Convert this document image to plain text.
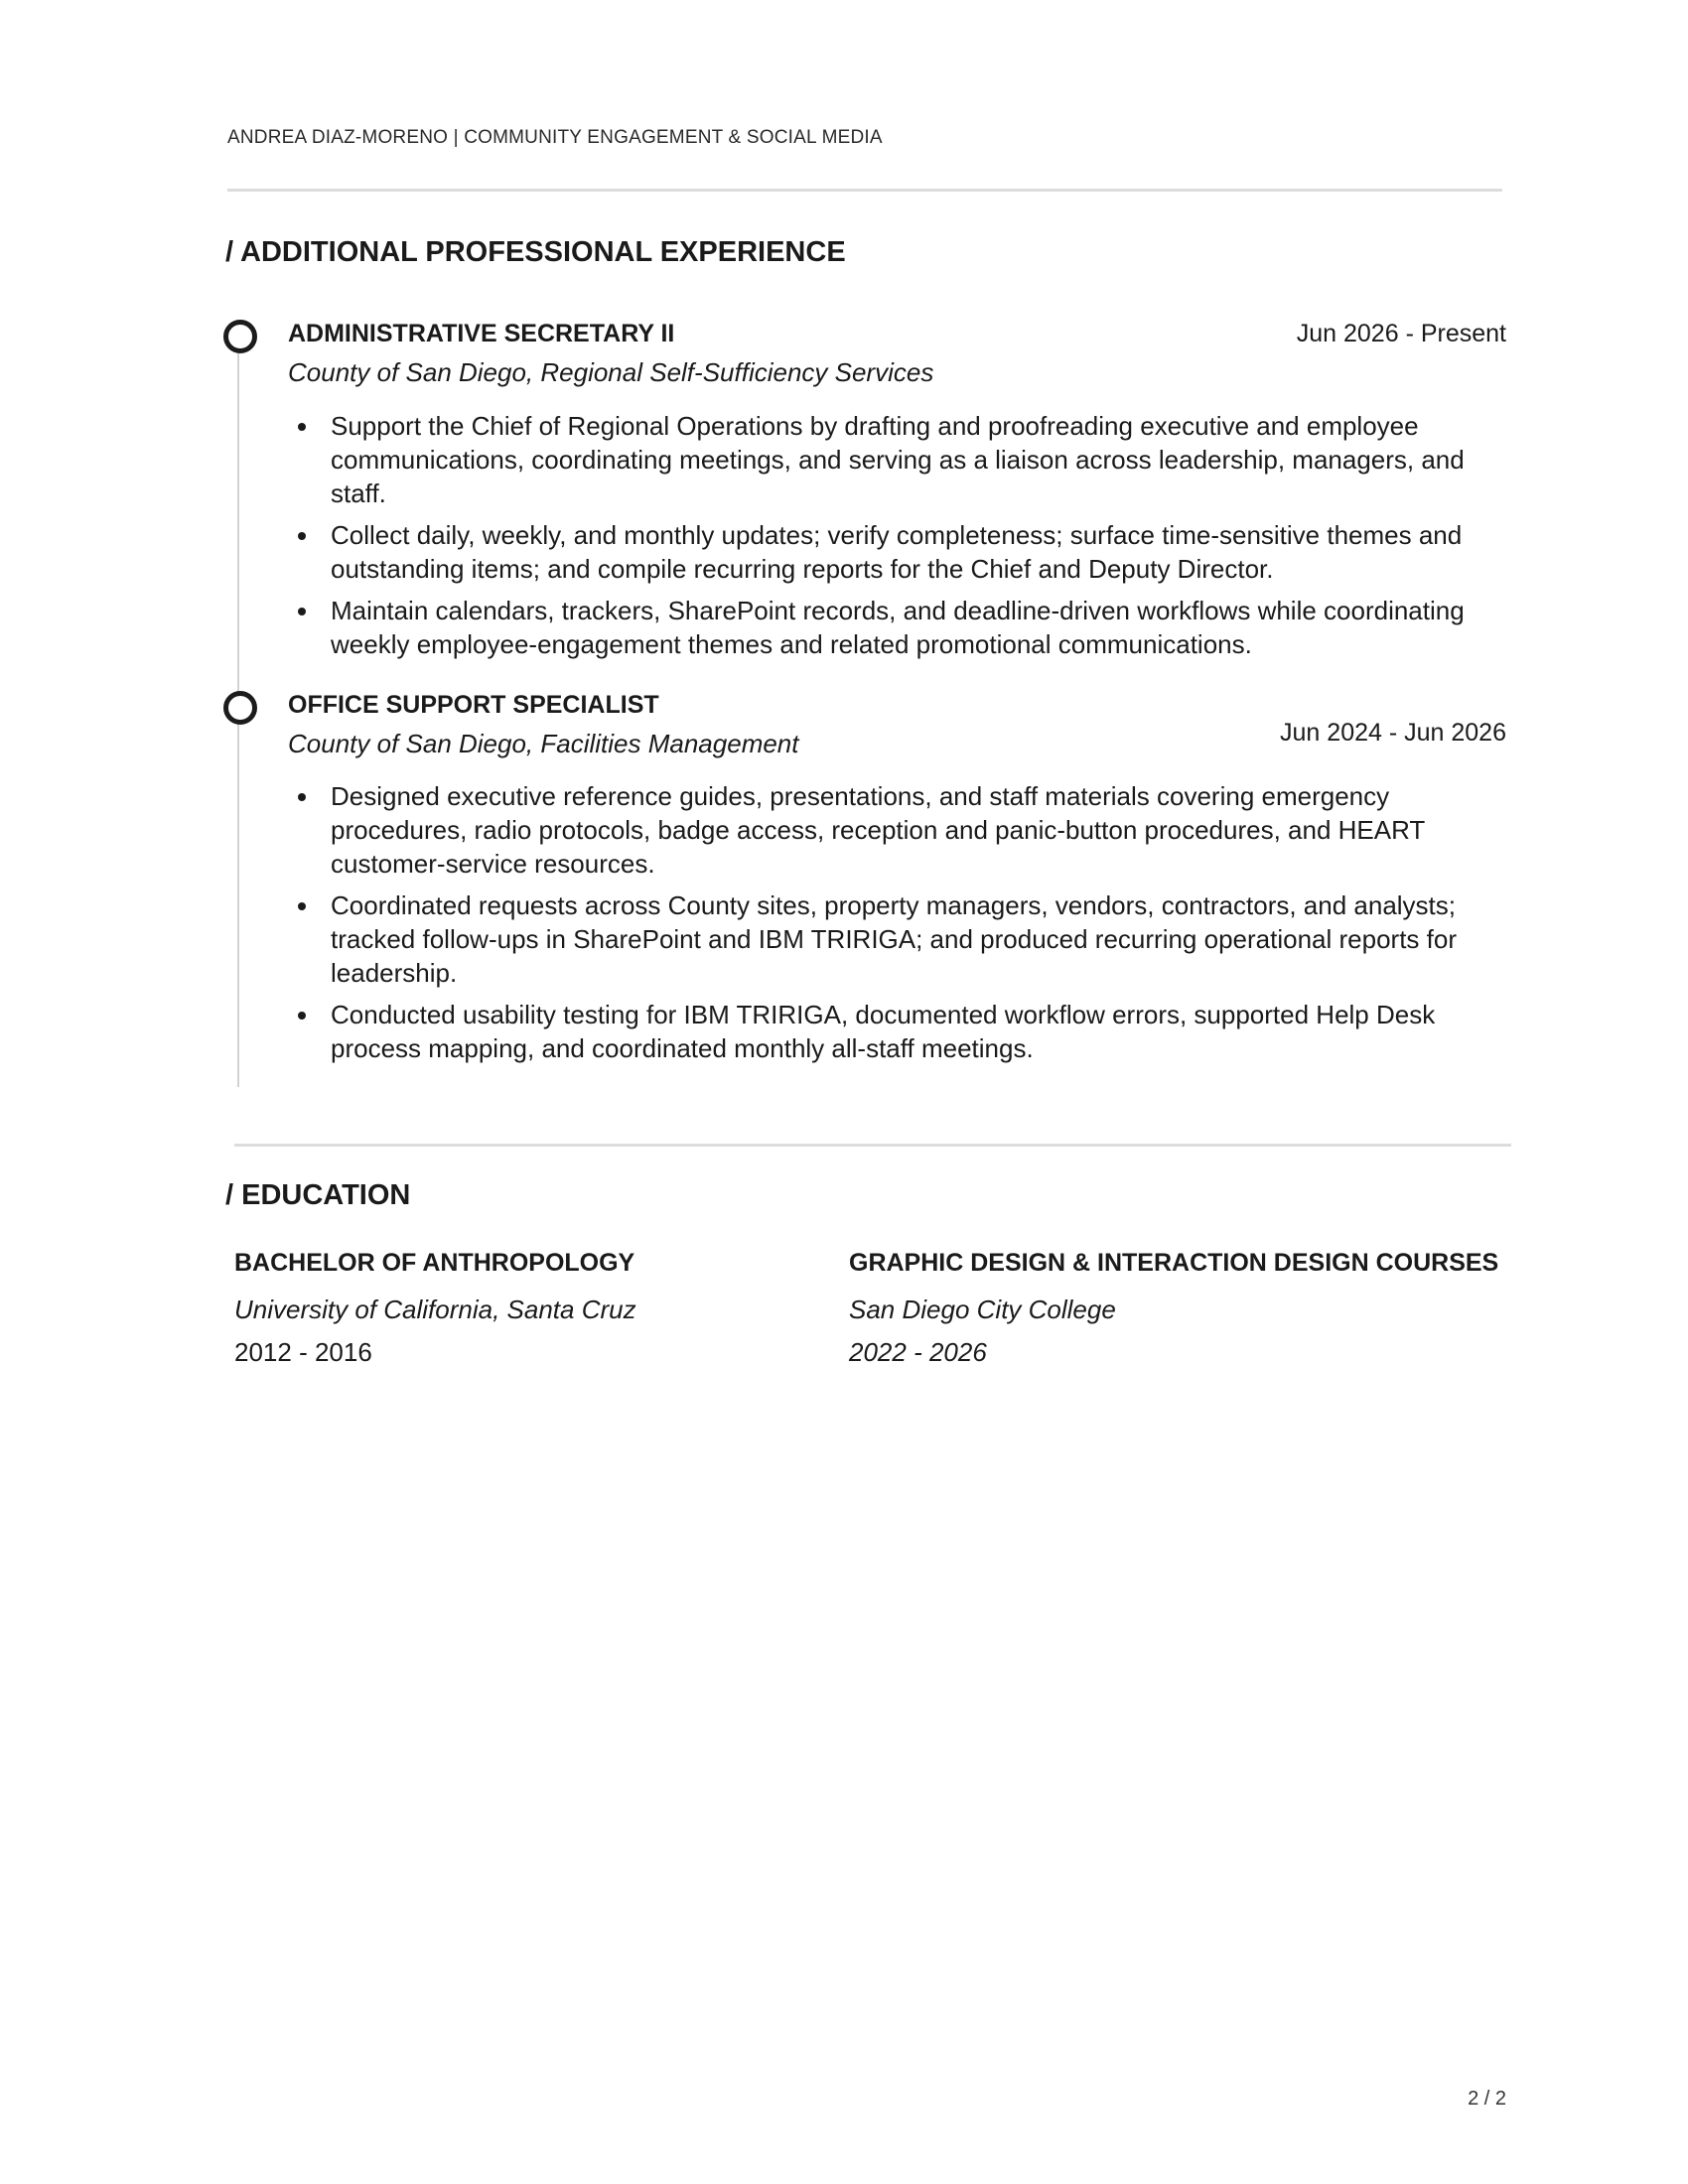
ANDREA DIAZ-MORENO | COMMUNITY ENGAGEMENT & SOCIAL MEDIA
/ ADDITIONAL PROFESSIONAL EXPERIENCE
ADMINISTRATIVE SECRETARY II	Jun 2026 - Present
County of San Diego, Regional Self-Sufficiency Services
Support the Chief of Regional Operations by drafting and proofreading executive and employee communications, coordinating meetings, and serving as a liaison across leadership, managers, and staff.
Collect daily, weekly, and monthly updates; verify completeness; surface time-sensitive themes and outstanding items; and compile recurring reports for the Chief and Deputy Director.
Maintain calendars, trackers, SharePoint records, and deadline-driven workflows while coordinating weekly employee-engagement themes and related promotional communications.
OFFICE SUPPORT SPECIALIST
Jun 2024 - Jun 2026
County of San Diego, Facilities Management
Designed executive reference guides, presentations, and staff materials covering emergency procedures, radio protocols, badge access, reception and panic-button procedures, and HEART customer-service resources.
Coordinated requests across County sites, property managers, vendors, contractors, and analysts; tracked follow-ups in SharePoint and IBM TRIRIGA; and produced recurring operational reports for leadership.
Conducted usability testing for IBM TRIRIGA, documented workflow errors, supported Help Desk process mapping, and coordinated monthly all-staff meetings.
/ EDUCATION
BACHELOR OF ANTHROPOLOGY
University of California, Santa Cruz
2012 - 2016
GRAPHIC DESIGN & INTERACTION DESIGN COURSES
San Diego City College
2022 - 2026
2 / 2
